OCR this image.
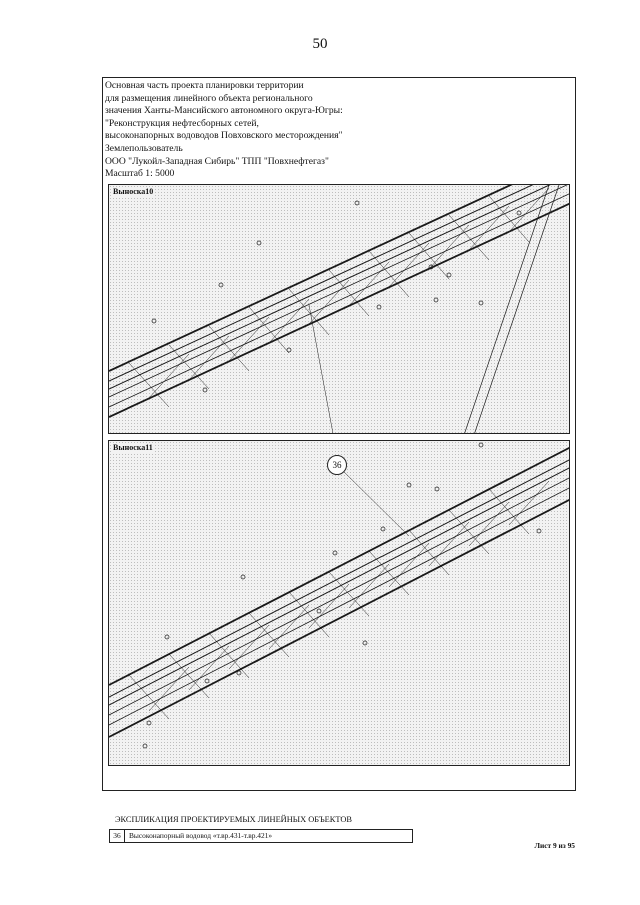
50
Основная часть проекта планировки территории
для размещения линейного объекта регионального
значения Ханты-Мансийского автономного округа-Югры:
"Реконструкция нефтесборных сетей,
высоконапорных водоводов Повховского месторождения"
Землепользователь
ООО "Лукойл-Западная Сибирь" ТПП "Повхнефтегаз"
Масштаб 1: 5000
Выноска10
Выноска11
36
ЭКСПЛИКАЦИЯ ПРОЕКТИРУЕМЫХ ЛИНЕЙНЫХ ОБЪЕКТОВ
36	Высоконапорный водовод «т.вр.431-т.вр.421»
Лист 9 из 95
